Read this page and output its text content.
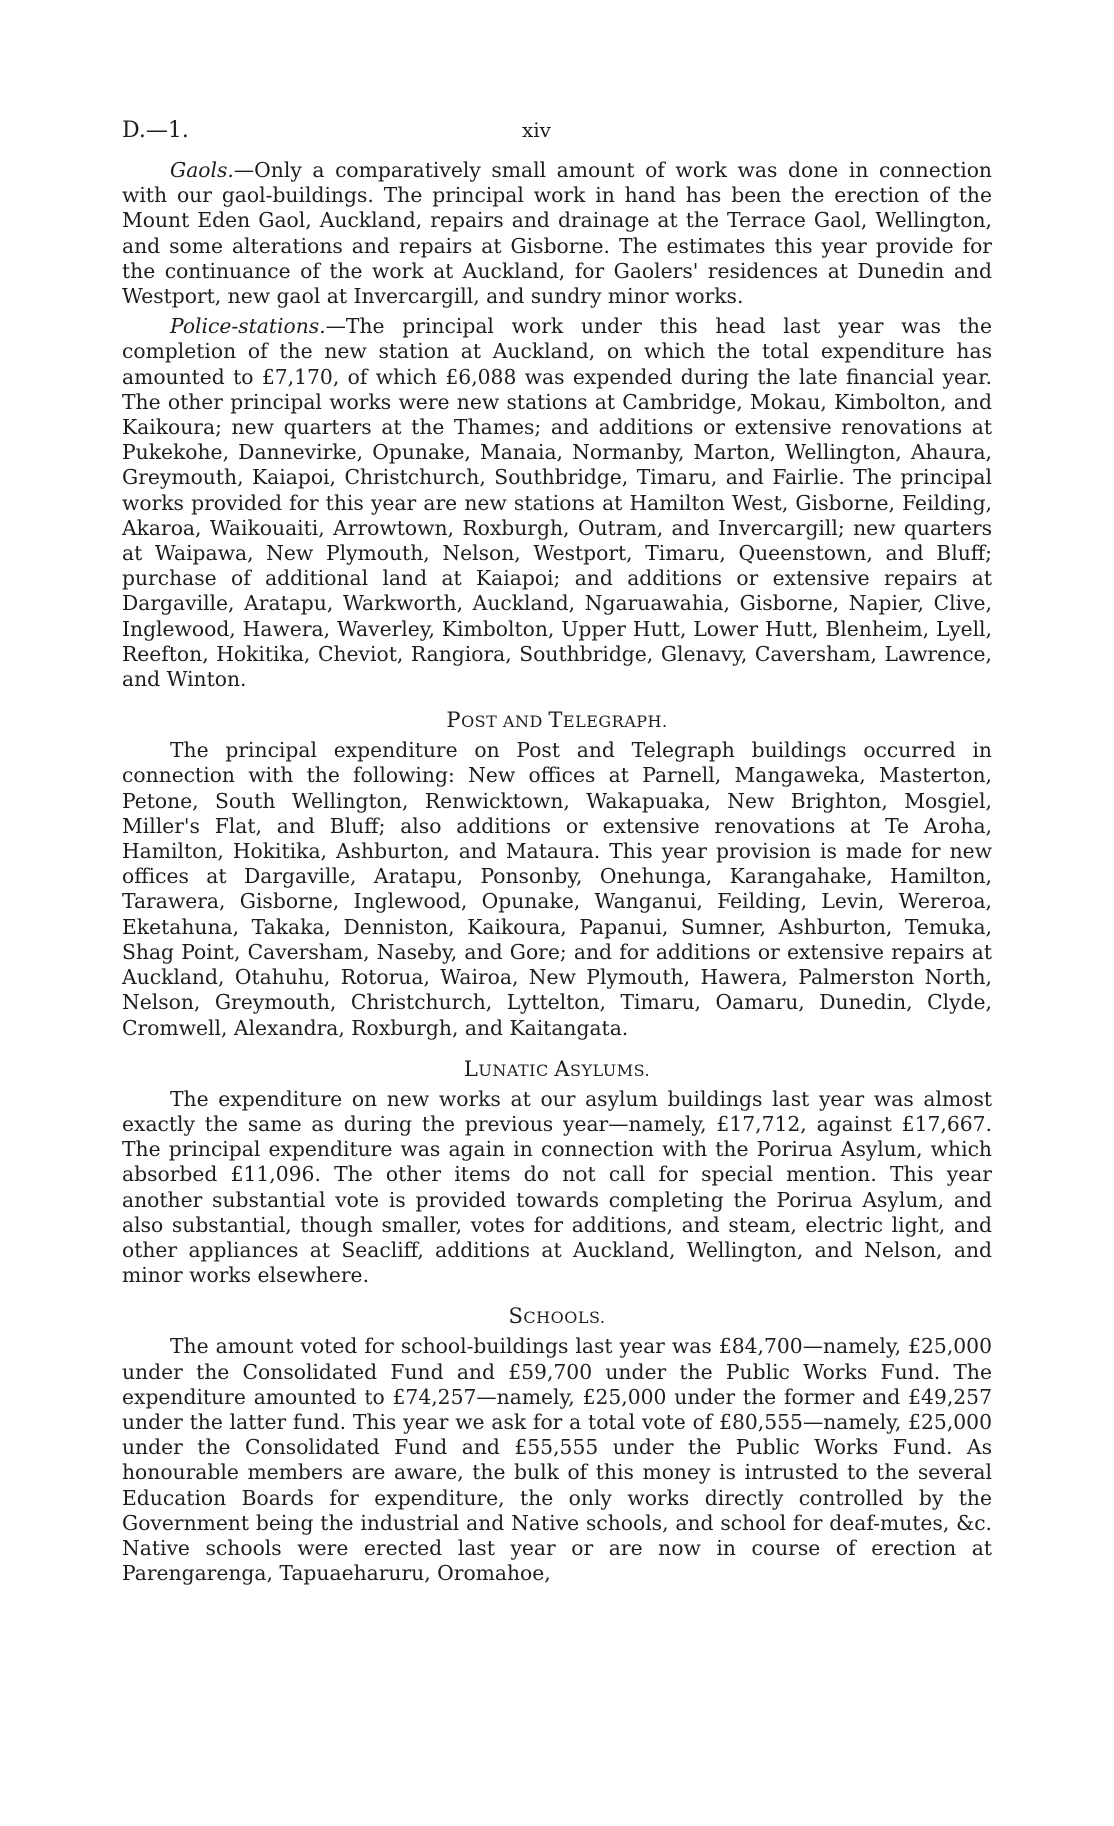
D.—1.	xiv

Gaols.—Only a comparatively small amount of work was done in connection with our gaol-buildings. The principal work in hand has been the erection of the Mount Eden Gaol, Auckland, repairs and drainage at the Terrace Gaol, Wellington, and some alterations and repairs at Gisborne. The estimates this year provide for the continuance of the work at Auckland, for Gaolers' residences at Dunedin and Westport, new gaol at Invercargill, and sundry minor works.

Police-stations.—The principal work under this head last year was the completion of the new station at Auckland, on which the total expenditure has amounted to £7,170, of which £6,088 was expended during the late financial year. The other principal works were new stations at Cambridge, Mokau, Kimbolton, and Kaikoura; new quarters at the Thames; and additions or extensive renovations at Pukekohe, Dannevirke, Opunake, Manaia, Normanby, Marton, Wellington, Ahaura, Greymouth, Kaiapoi, Christchurch, Southbridge, Timaru, and Fairlie. The principal works provided for this year are new stations at Hamilton West, Gisborne, Feilding, Akaroa, Waikouaiti, Arrowtown, Roxburgh, Outram, and Invercargill; new quarters at Waipawa, New Plymouth, Nelson, Westport, Timaru, Queenstown, and Bluff; purchase of additional land at Kaiapoi; and additions or extensive repairs at Dargaville, Aratapu, Warkworth, Auckland, Ngaruawahia, Gisborne, Napier, Clive, Inglewood, Hawera, Waverley, Kimbolton, Upper Hutt, Lower Hutt, Blenheim, Lyell, Reefton, Hokitika, Cheviot, Rangiora, Southbridge, Glenavy, Caversham, Lawrence, and Winton.

POST AND TELEGRAPH.

The principal expenditure on Post and Telegraph buildings occurred in connection with the following: New offices at Parnell, Mangaweka, Masterton, Petone, South Wellington, Renwicktown, Wakapuaka, New Brighton, Mosgiel, Miller's Flat, and Bluff; also additions or extensive renovations at Te Aroha, Hamilton, Hokitika, Ashburton, and Mataura. This year provision is made for new offices at Dargaville, Aratapu, Ponsonby, Onehunga, Karangahake, Hamilton, Tarawera, Gisborne, Inglewood, Opunake, Wanganui, Feilding, Levin, Wereroa, Eketahuna, Takaka, Denniston, Kaikoura, Papanui, Sumner, Ashburton, Temuka, Shag Point, Caversham, Naseby, and Gore; and for additions or extensive repairs at Auckland, Otahuhu, Rotorua, Wairoa, New Plymouth, Hawera, Palmerston North, Nelson, Greymouth, Christchurch, Lyttelton, Timaru, Oamaru, Dunedin, Clyde, Cromwell, Alexandra, Roxburgh, and Kaitangata.

LUNATIC ASYLUMS.

The expenditure on new works at our asylum buildings last year was almost exactly the same as during the previous year—namely, £17,712, against £17,667. The principal expenditure was again in connection with the Porirua Asylum, which absorbed £11,096. The other items do not call for special mention. This year another substantial vote is provided towards completing the Porirua Asylum, and also substantial, though smaller, votes for additions, and steam, electric light, and other appliances at Seacliff, additions at Auckland, Wellington, and Nelson, and minor works elsewhere.

SCHOOLS.

The amount voted for school-buildings last year was £84,700—namely, £25,000 under the Consolidated Fund and £59,700 under the Public Works Fund. The expenditure amounted to £74,257—namely, £25,000 under the former and £49,257 under the latter fund. This year we ask for a total vote of £80,555—namely, £25,000 under the Consolidated Fund and £55,555 under the Public Works Fund. As honourable members are aware, the bulk of this money is intrusted to the several Education Boards for expenditure, the only works directly controlled by the Government being the industrial and Native schools, and school for deaf-mutes, &c. Native schools were erected last year or are now in course of erection at Parengarenga, Tapuaeharuru, Oromahoe,
